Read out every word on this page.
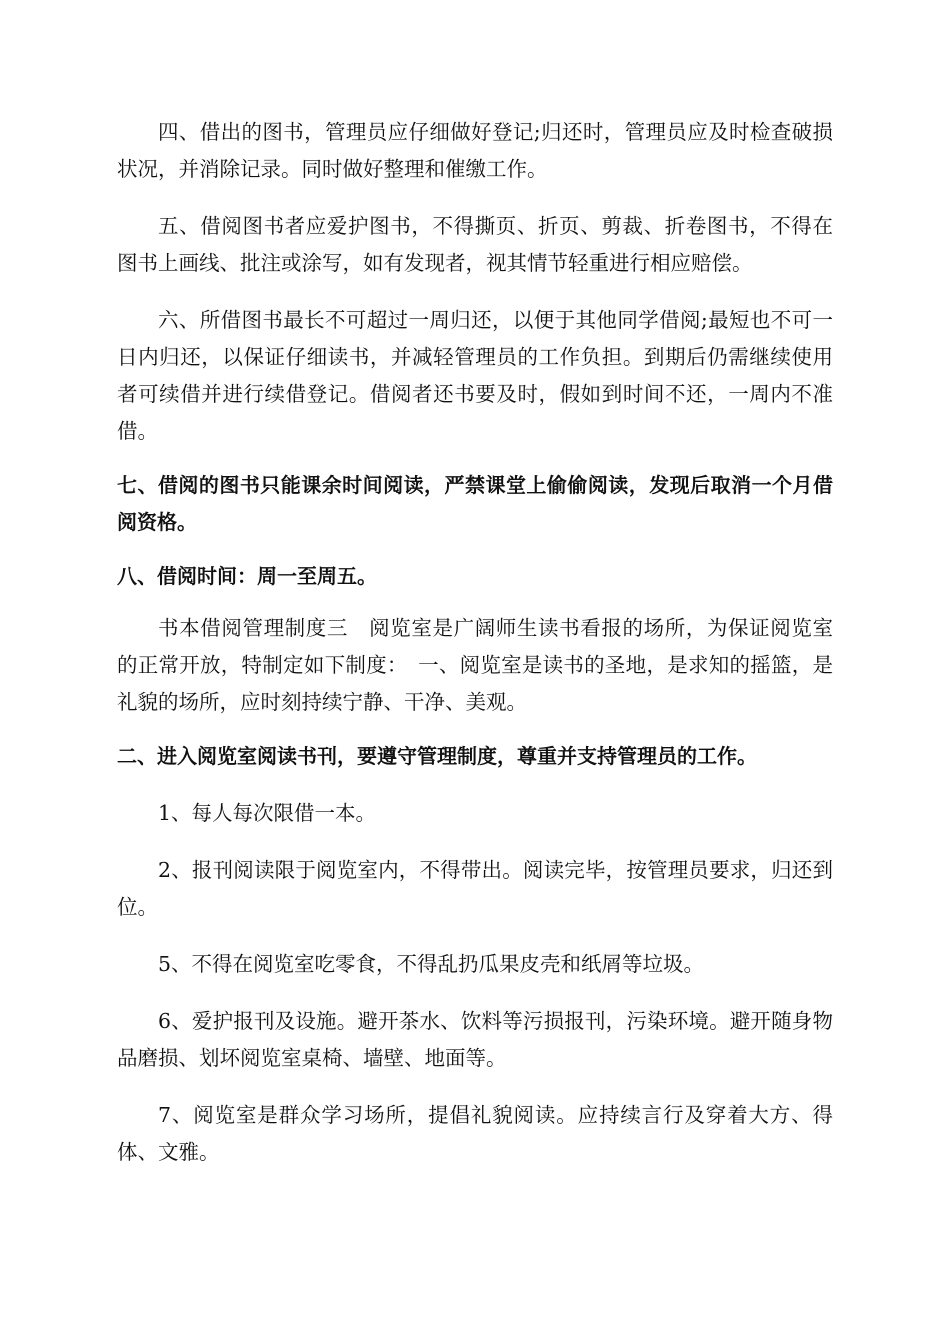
四、借出的图书，管理员应仔细做好登记;归还时，管理员应及时检查破损状况，并消除记录。同时做好整理和催缴工作。

五、借阅图书者应爱护图书，不得撕页、折页、剪裁、折卷图书，不得在图书上画线、批注或涂写，如有发现者，视其情节轻重进行相应赔偿。

六、所借图书最长不可超过一周归还，以便于其他同学借阅;最短也不可一日内归还，以保证仔细读书，并减轻管理员的工作负担。到期后仍需继续使用者可续借并进行续借登记。借阅者还书要及时，假如到时间不还，一周内不准借。

七、借阅的图书只能课余时间阅读，严禁课堂上偷偷阅读，发现后取消一个月借阅资格。

八、借阅时间：周一至周五。

书本借阅管理制度三　阅览室是广阔师生读书看报的场所，为保证阅览室的正常开放，特制定如下制度：　一、阅览室是读书的圣地，是求知的摇篮，是礼貌的场所，应时刻持续宁静、干净、美观。

二、进入阅览室阅读书刊，要遵守管理制度，尊重并支持管理员的工作。

1、每人每次限借一本。

2、报刊阅读限于阅览室内，不得带出。阅读完毕，按管理员要求，归还到位。

5、不得在阅览室吃零食，不得乱扔瓜果皮壳和纸屑等垃圾。

6、爱护报刊及设施。避开茶水、饮料等污损报刊，污染环境。避开随身物品磨损、划坏阅览室桌椅、墙壁、地面等。

7、阅览室是群众学习场所，提倡礼貌阅读。应持续言行及穿着大方、得体、文雅。
